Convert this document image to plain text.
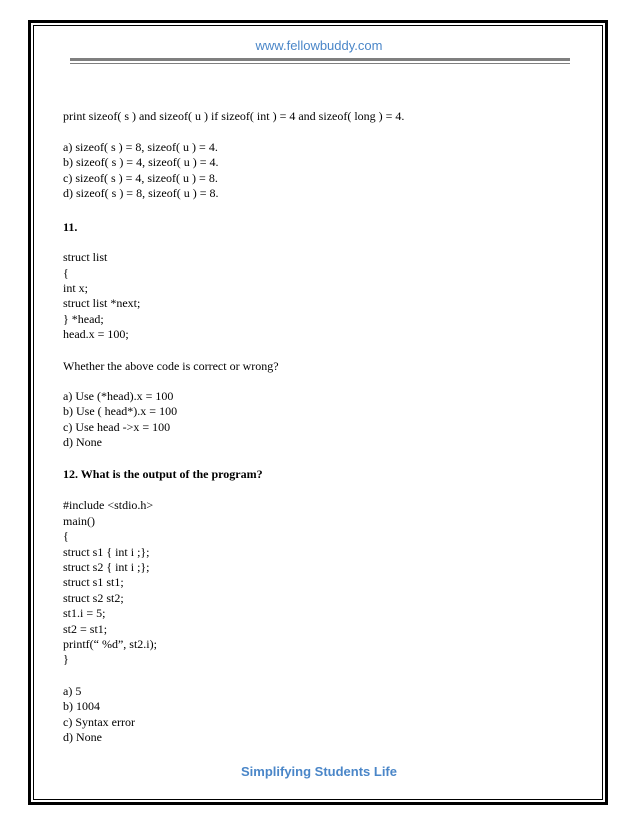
www.fellowbuddy.com
print sizeof( s ) and sizeof( u ) if sizeof( int ) = 4 and sizeof( long ) = 4.
a) sizeof( s ) = 8, sizeof( u ) = 4.
b) sizeof( s ) = 4, sizeof( u ) = 4.
c) sizeof( s ) = 4, sizeof( u ) = 8.
d) sizeof( s ) = 8, sizeof( u ) = 8.
11.
struct list
{
int x;
struct list *next;
} *head;
head.x = 100;
Whether the above code is correct or wrong?
a) Use (*head).x = 100
b) Use ( head*).x = 100
c) Use head ->x = 100
d) None
12. What is the output of the program?
#include <stdio.h>
main()
{
struct s1 { int i ;};
struct s2 { int i ;};
struct s1 st1;
struct s2 st2;
st1.i = 5;
st2 = st1;
printf(“ %d”, st2.i);
}
a) 5
b) 1004
c) Syntax error
d) None
Simplifying Students Life
